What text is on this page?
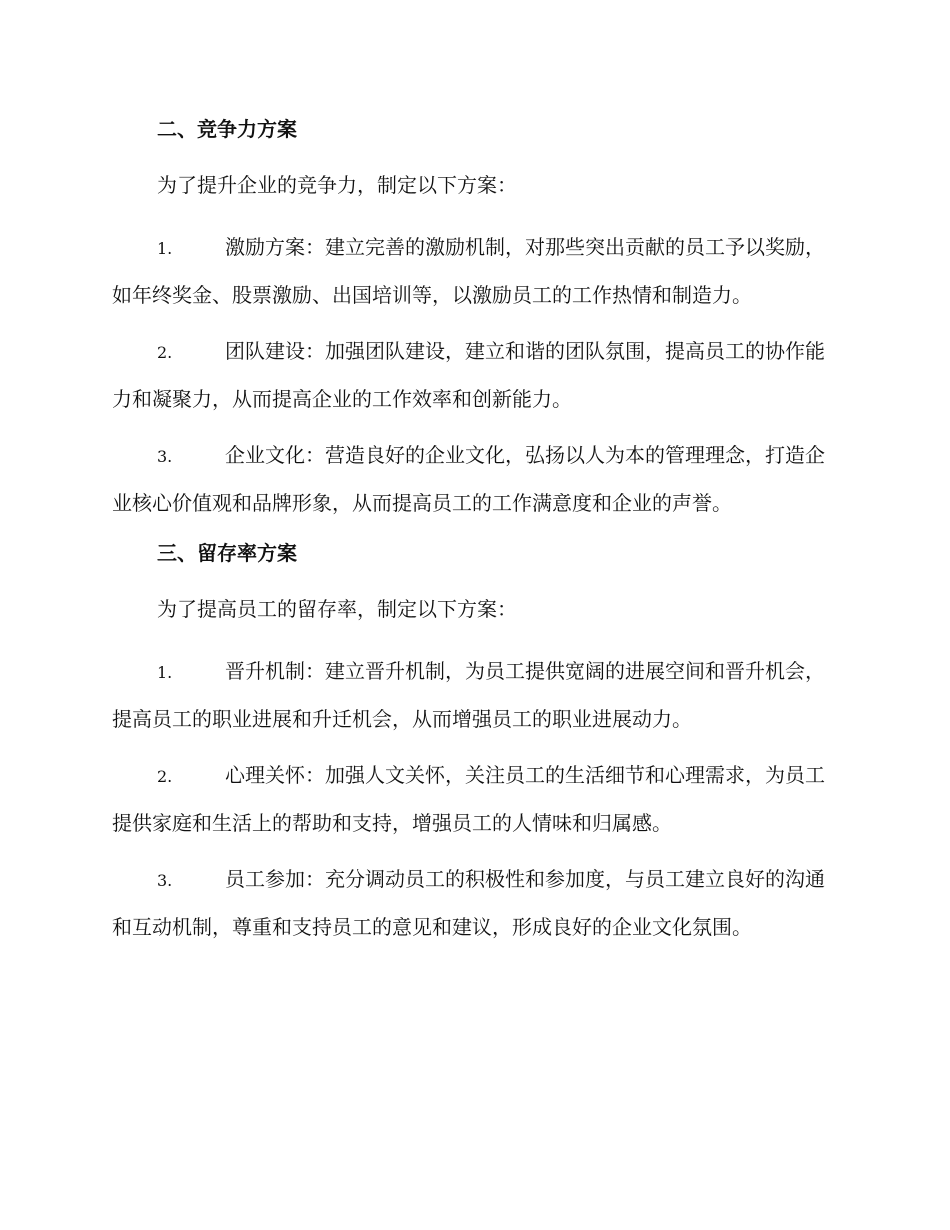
二、竞争力方案
为了提升企业的竞争力，制定以下方案：
1.	激励方案：建立完善的激励机制，对那些突出贡献的员工予以奖励，如年终奖金、股票激励、出国培训等，以激励员工的工作热情和制造力。
2.	团队建设：加强团队建设，建立和谐的团队氛围，提高员工的协作能力和凝聚力，从而提高企业的工作效率和创新能力。
3.	企业文化：营造良好的企业文化，弘扬以人为本的管理理念，打造企业核心价值观和品牌形象，从而提高员工的工作满意度和企业的声誉。
三、留存率方案
为了提高员工的留存率，制定以下方案：
1.	晋升机制：建立晋升机制，为员工提供宽阔的进展空间和晋升机会，提高员工的职业进展和升迁机会，从而增强员工的职业进展动力。
2.	心理关怀：加强人文关怀，关注员工的生活细节和心理需求，为员工提供家庭和生活上的帮助和支持，增强员工的人情味和归属感。
3.	员工参加：充分调动员工的积极性和参加度，与员工建立良好的沟通和互动机制，尊重和支持员工的意见和建议，形成良好的企业文化氛围。
